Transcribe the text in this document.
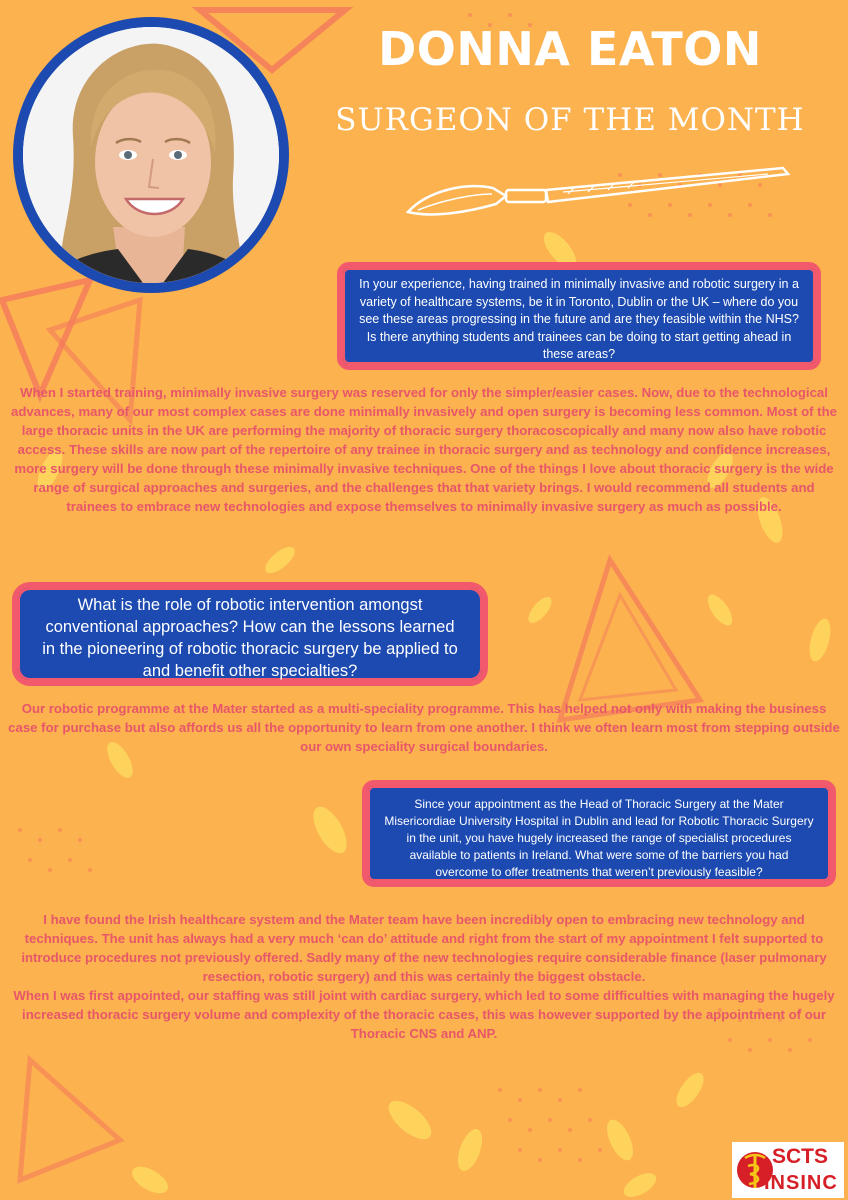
DONNA EATON
SURGEON OF THE MONTH
In your experience, having trained in minimally invasive and robotic surgery in a variety of healthcare systems, be it in Toronto, Dublin or the UK – where do you see these areas progressing in the future and are they feasible within the NHS? Is there anything students and trainees can be doing to start getting ahead in these areas?
When I started training, minimally invasive surgery was reserved for only the simpler/easier cases. Now, due to the technological advances, many of our most complex cases are done minimally invasively and open surgery is becoming less common. Most of the large thoracic units in the UK are performing the majority of thoracic surgery thoracoscopically and many now also have robotic access. These skills are now part of the repertoire of any trainee in thoracic surgery and as technology and confidence increases, more surgery will be done through these minimally invasive techniques. One of the things I love about thoracic surgery is the wide range of surgical approaches and surgeries, and the challenges that that variety brings. I would recommend all students and trainees to embrace new technologies and expose themselves to minimally invasive surgery as much as possible.
What is the role of robotic intervention amongst conventional approaches? How can the lessons learned in the pioneering of robotic thoracic surgery be applied to and benefit other specialties?
Our robotic programme at the Mater started as a multi-speciality programme. This has helped not only with making the business case for purchase but also affords us all the opportunity to learn from one another. I think we often learn most from stepping outside our own speciality surgical boundaries.
Since your appointment as the Head of Thoracic Surgery at the Mater Misericordiae University Hospital in Dublin and lead for Robotic Thoracic Surgery in the unit, you have hugely increased the range of specialist procedures available to patients in Ireland. What were some of the barriers you had overcome to offer treatments that weren’t previously feasible?
I have found the Irish healthcare system and the Mater team have been incredibly open to embracing new technology and techniques. The unit has always had a very much ‘can do’ attitude and right from the start of my appointment I felt supported to introduce procedures not previously offered. Sadly many of the new technologies require considerable finance (laser pulmonary resection, robotic surgery) and this was certainly the biggest obstacle.
When I was first appointed, our staffing was still joint with cardiac surgery, which led to some difficulties with managing the hugely increased thoracic surgery volume and complexity of the thoracic cases, this was however supported by the appointment of our Thoracic CNS and ANP.
SCTS
INSINC
